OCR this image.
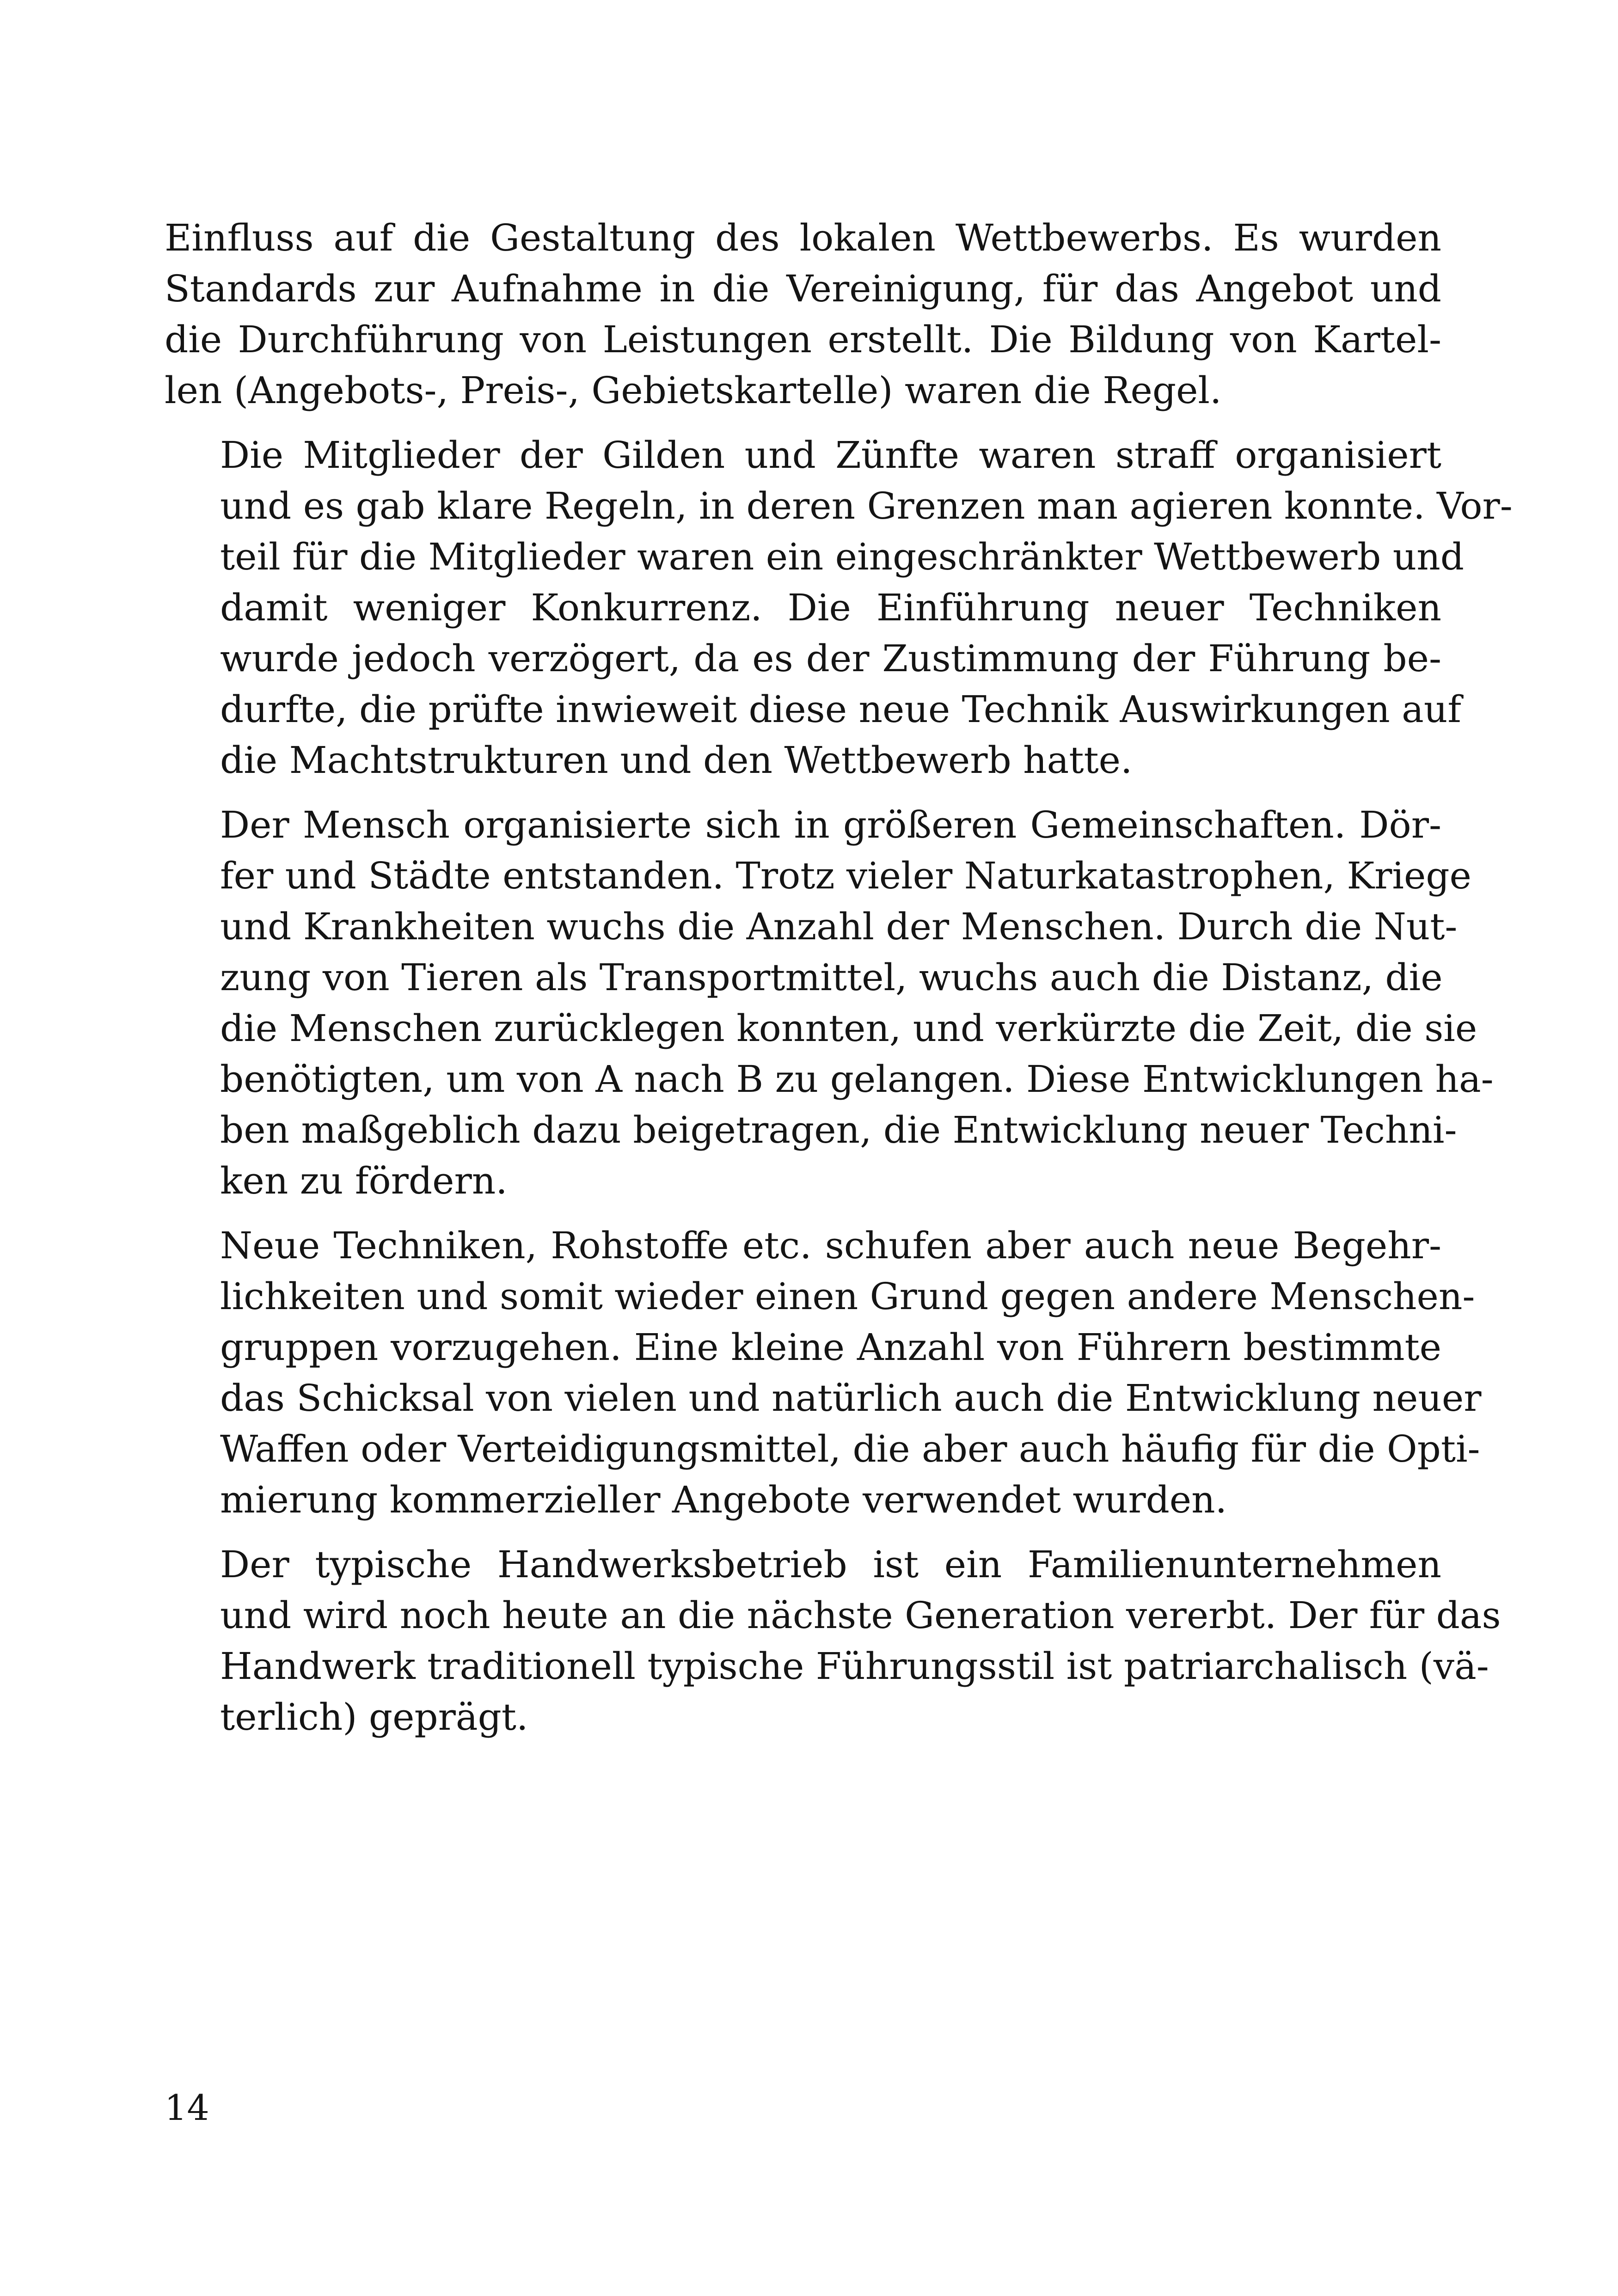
Einfluss auf die Gestaltung des lokalen Wettbewerbs. Es wurden
Standards zur Aufnahme in die Vereinigung, für das Angebot und
die Durchführung von Leistungen erstellt. Die Bildung von Kartel-
len (Angebots-, Preis-, Gebietskartelle) waren die Regel.

Die Mitglieder der Gilden und Zünfte waren straff organisiert
und es gab klare Regeln, in deren Grenzen man agieren konnte. Vor-
teil für die Mitglieder waren ein eingeschränkter Wettbewerb und
damit weniger Konkurrenz. Die Einführung neuer Techniken
wurde jedoch verzögert, da es der Zustimmung der Führung be-
durfte, die prüfte inwieweit diese neue Technik Auswirkungen auf
die Machtstrukturen und den Wettbewerb hatte.

Der Mensch organisierte sich in größeren Gemeinschaften. Dör-
fer und Städte entstanden. Trotz vieler Naturkatastrophen, Kriege
und Krankheiten wuchs die Anzahl der Menschen. Durch die Nut-
zung von Tieren als Transportmittel, wuchs auch die Distanz, die
die Menschen zurücklegen konnten, und verkürzte die Zeit, die sie
benötigten, um von A nach B zu gelangen. Diese Entwicklungen ha-
ben maßgeblich dazu beigetragen, die Entwicklung neuer Techni-
ken zu fördern.

Neue Techniken, Rohstoffe etc. schufen aber auch neue Begehr-
lichkeiten und somit wieder einen Grund gegen andere Menschen-
gruppen vorzugehen. Eine kleine Anzahl von Führern bestimmte
das Schicksal von vielen und natürlich auch die Entwicklung neuer
Waffen oder Verteidigungsmittel, die aber auch häufig für die Opti-
mierung kommerzieller Angebote verwendet wurden.

Der typische Handwerksbetrieb ist ein Familienunternehmen
und wird noch heute an die nächste Generation vererbt. Der für das
Handwerk traditionell typische Führungsstil ist patriarchalisch (vä-
terlich) geprägt.

14
